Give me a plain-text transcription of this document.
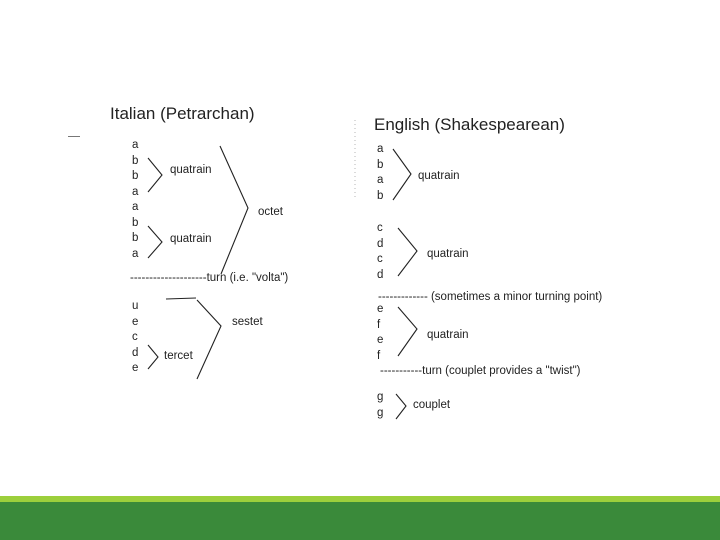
Italian (Petrarchan)
a
b
b
a
a
b
b
a
quatrain
quatrain
octet
--------------------turn (i.e. "volta")
u
e
c
d
e
sestet
tercet
English (Shakespearean)
a
b
a
b
quatrain
c
d
c
d
quatrain
------------- (sometimes a minor turning point)
e
f
e
f
quatrain
-----------turn (couplet provides a "twist")
g
g
couplet
